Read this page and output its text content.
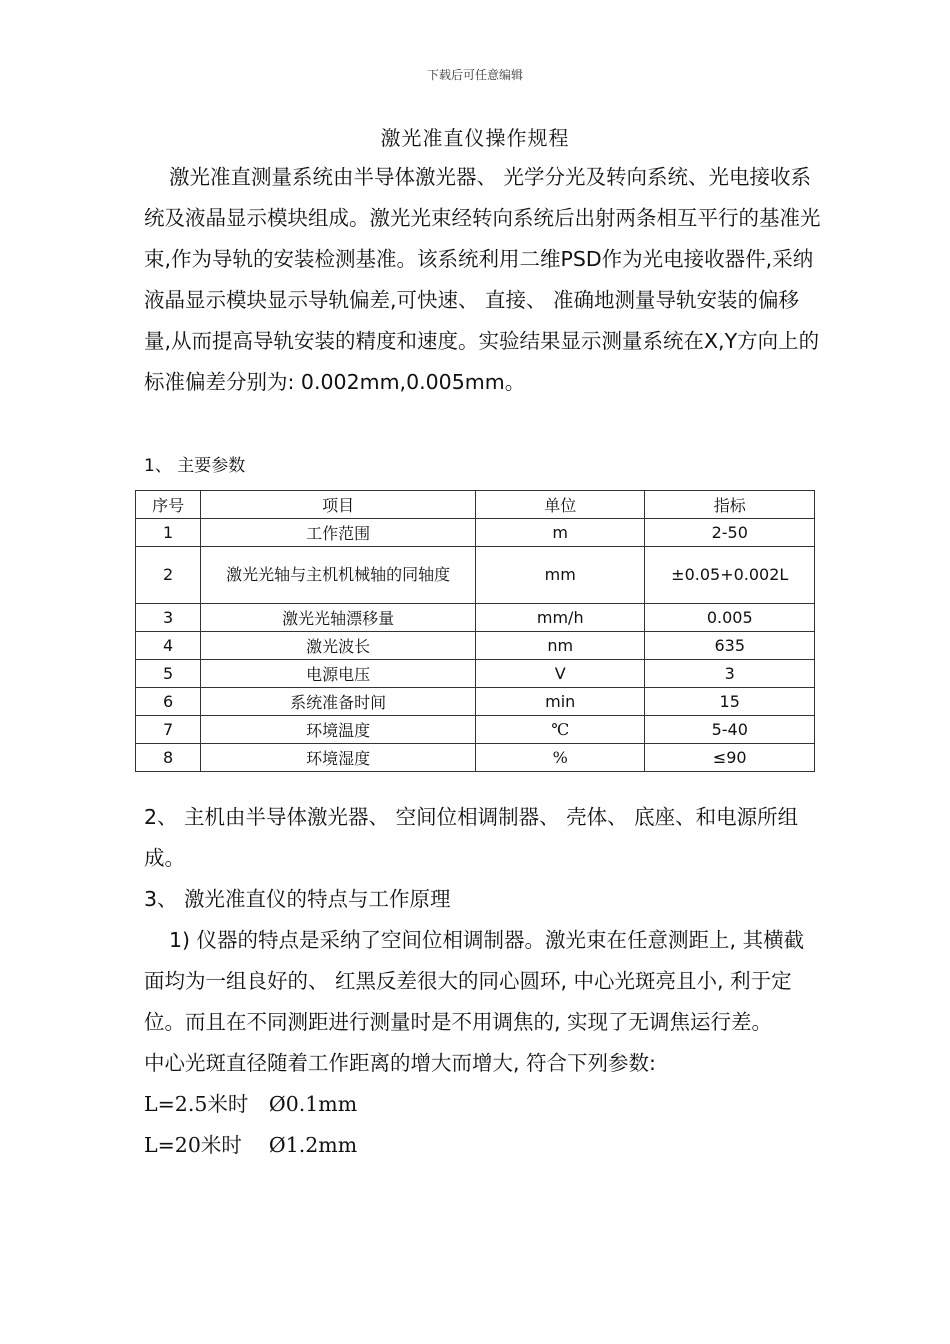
下载后可任意编辑
激光准直仪操作规程
激光准直测量系统由半导体激光器、 光学分光及转向系统、光电接收系统及液晶显示模块组成。激光光束经转向系统后出射两条相互平行的基准光束,作为导轨的安装检测基准。该系统利用二维PSD作为光电接收器件,采纳液晶显示模块显示导轨偏差,可快速、 直接、 准确地测量导轨安装的偏移量,从而提高导轨安装的精度和速度。实验结果显示测量系统在X,Y方向上的标准偏差分别为: 0.002mm,0.005mm。
1、 主要参数
序号	项目	单位	指标
1	工作范围	m	2-50
2	激光光轴与主机机械轴的同轴度	mm	±0.05+0.002L
3	激光光轴漂移量	mm/h	0.005
4	激光波长	nm	635
5	电源电压	V	3
6	系统准备时间	min	15
7	环境温度	℃	5-40
8	环境湿度	%	≤90
2、 主机由半导体激光器、 空间位相调制器、 壳体、 底座、和电源所组成。
3、 激光准直仪的特点与工作原理
1) 仪器的特点是采纳了空间位相调制器。激光束在任意测距上, 其横截面均为一组良好的、 红黑反差很大的同心圆环, 中心光斑亮且小, 利于定位。而且在不同测距进行测量时是不用调焦的, 实现了无调焦运行差。
中心光斑直径随着工作距离的增大而增大, 符合下列参数:
L=2.5米时　Ø0.1mm
L=20米时　 Ø1.2mm
